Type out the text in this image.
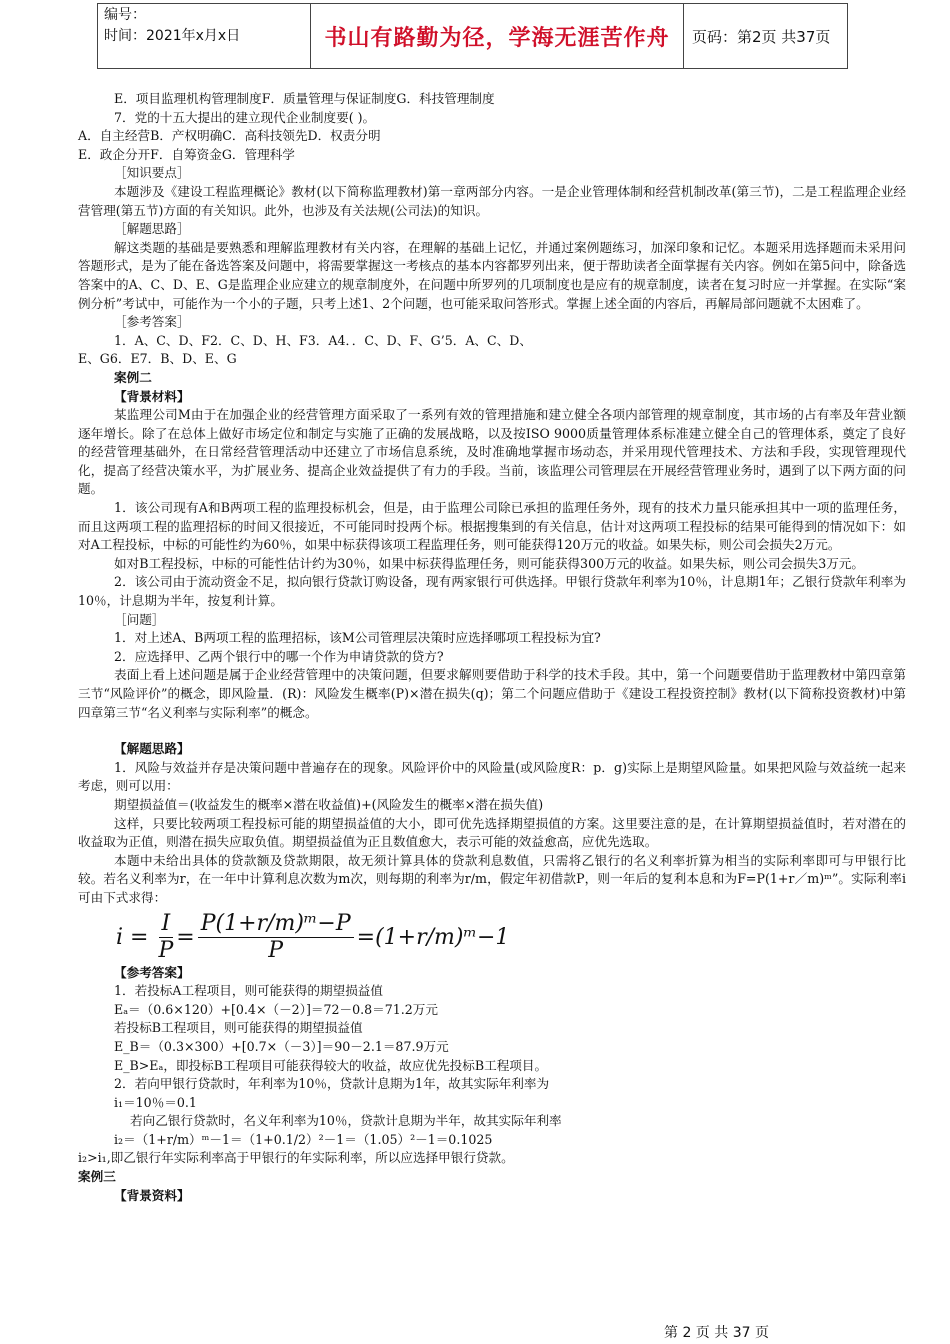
编号：
时间：2021年x月x日	书山有路勤为径，学海无涯苦作舟	页码：第2页 共37页

E．项目监理机构管理制度F．质量管理与保证制度G．科技管理制度

7．党的十五大提出的建立现代企业制度要( )。

A．自主经营B．产权明确C．高科技领先D．权责分明

E．政企分开F．自筹资金G．管理科学

［知识要点］

本题涉及《建设工程监理概论》教材(以下简称监理教材)第一章两部分内容。一是企业管理体制和经营机制改革(第三节)，二是工程监理企业经营管理(第五节)方面的有关知识。此外，也涉及有关法规(公司法)的知识。

［解题思路］

解这类题的基础是要熟悉和理解监理教材有关内容，在理解的基础上记忆，并通过案例题练习，加深印象和记忆。本题采用选择题而未采用问答题形式，是为了能在备选答案及问题中，将需要掌握这一考核点的基本内容都罗列出来，便于帮助读者全面掌握有关内容。例如在第5问中，除备选答案中的A、C、D、E、G是监理企业应建立的规章制度外，在问题中所罗列的几项制度也是应有的规章制度，读者在复习时应一并掌握。在实际“案例分析”考试中，可能作为一个小的子题，只考上述1、2个问题，也可能采取问答形式。掌握上述全面的内容后，再解局部问题就不太困难了。

［参考答案］

1．A、C、D、F2．C、D、H、F3．A4．．C、D、F、G’5．A、C、D、

E、G6．E7．B、D、E、G

案例二

【背景材料】

某监理公司M由于在加强企业的经营管理方面采取了一系列有效的管理措施和建立健全各项内部管理的规章制度，其市场的占有率及年营业额逐年增长。除了在总体上做好市场定位和制定与实施了正确的发展战略，以及按ISO 9000质量管理体系标准建立健全自己的管理体系，奠定了良好的经营管理基础外，在日常经营管理活动中还建立了市场信息系统，及时准确地掌握市场动态，并采用现代管理技术、方法和手段，实现管理现代化，提高了经营决策水平，为扩展业务、提高企业效益提供了有力的手段。当前，该监理公司管理层在开展经营管理业务时，遇到了以下两方面的问题。

1．该公司现有A和B两项工程的监理投标机会，但是，由于监理公司除已承担的监理任务外，现有的技术力量只能承担其中一项的监理任务，而且这两项工程的监理招标的时间又很接近，不可能同时投两个标。根据搜集到的有关信息，估计对这两项工程投标的结果可能得到的情况如下：如对A工程投标，中标的可能性约为60％，如果中标获得该项工程监理任务，则可能获得120万元的收益。如果失标，则公司会损失2万元。

如对B工程投标，中标的可能性估计约为30％，如果中标获得监理任务，则可能获得300万元的收益。如果失标，则公司会损失3万元。

2．该公司由于流动资金不足，拟向银行贷款订购设备，现有两家银行可供选择。甲银行贷款年利率为10％，计息期1年；乙银行贷款年利率为10％，计息期为半年，按复利计算。

［问题］

1．对上述A、B两项工程的监理招标，该M公司管理层决策时应选择哪项工程投标为宜?

2．应选择甲、乙两个银行中的哪一个作为申请贷款的贷方?

表面上看上述问题是属于企业经营管理中的决策问题，但要求解则要借助于科学的技术手段。其中，第一个问题要借助于监理教材中第四章第三节“风险评价”的概念，即风险量．(R)：风险发生概率(P)×潜在损失(q)；第二个问题应借助于《建设工程投资控制》教材(以下简称投资教材)中第四章第三节“名义利率与实际利率”的概念。

【解题思路】

1．风险与效益并存是决策问题中普遍存在的现象。风险评价中的风险量(或风险度R：p．g)实际上是期望风险量。如果把风险与效益统一起来考虑，则可以用：

期望损益值＝(收益发生的概率×潜在收益值)+(风险发生的概率×潜在损失值)

这样，只要比较两项工程投标可能的期望损益值的大小，即可优先选择期望损值的方案。这里要注意的是，在计算期望损益值时，若对潜在的收益取为正值，则潜在损失应取负值。期望损益值为正且数值愈大，表示可能的效益愈高，应优先选取。

本题中未给出具体的贷款额及贷款期限，故无须计算具体的贷款利息数值，只需将乙银行的名义利率折算为相当的实际利率即可与甲银行比较。若名义利率为r，在一年中计算利息次数为m次，则每期的利率为r/m，假定年初借款P，则一年后的复利本息和为F=P(1+r／m)ᵐ”。实际利率i可由下式求得：

$i = \frac{I}{P} = \frac{\text{P(1+r/m)ᵐ−P}}{P}$ = (1+r/m)ᵐ−1

【参考答案】

1．若投标A工程项目，则可能获得的期望损益值

Eₐ＝（0.6×120）+[0.4×（－2）]＝72－0.8＝71.2万元

若投标B工程项目，则可能获得的期望损益值

E_B＝（0.3×300）+[0.7×（－3）]＝90－2.1＝87.9万元

E_B>Eₐ，即投标B工程项目可能获得较大的收益，故应优先投标B工程项目。

2．若向甲银行贷款时，年利率为10％，贷款计息期为1年，故其实际年利率为

i₁＝10％＝0.1

若向乙银行贷款时，名义年利率为10％，贷款计息期为半年，故其实际年利率

i₂＝（1+r/m）ᵐ－1＝（1+0.1/2）²－1＝（1.05）²－1＝0.1025

i₂>i₁,即乙银行年实际利率高于甲银行的年实际利率，所以应选择甲银行贷款。

案例三

【背景资料】

第 2 页 共 37 页
